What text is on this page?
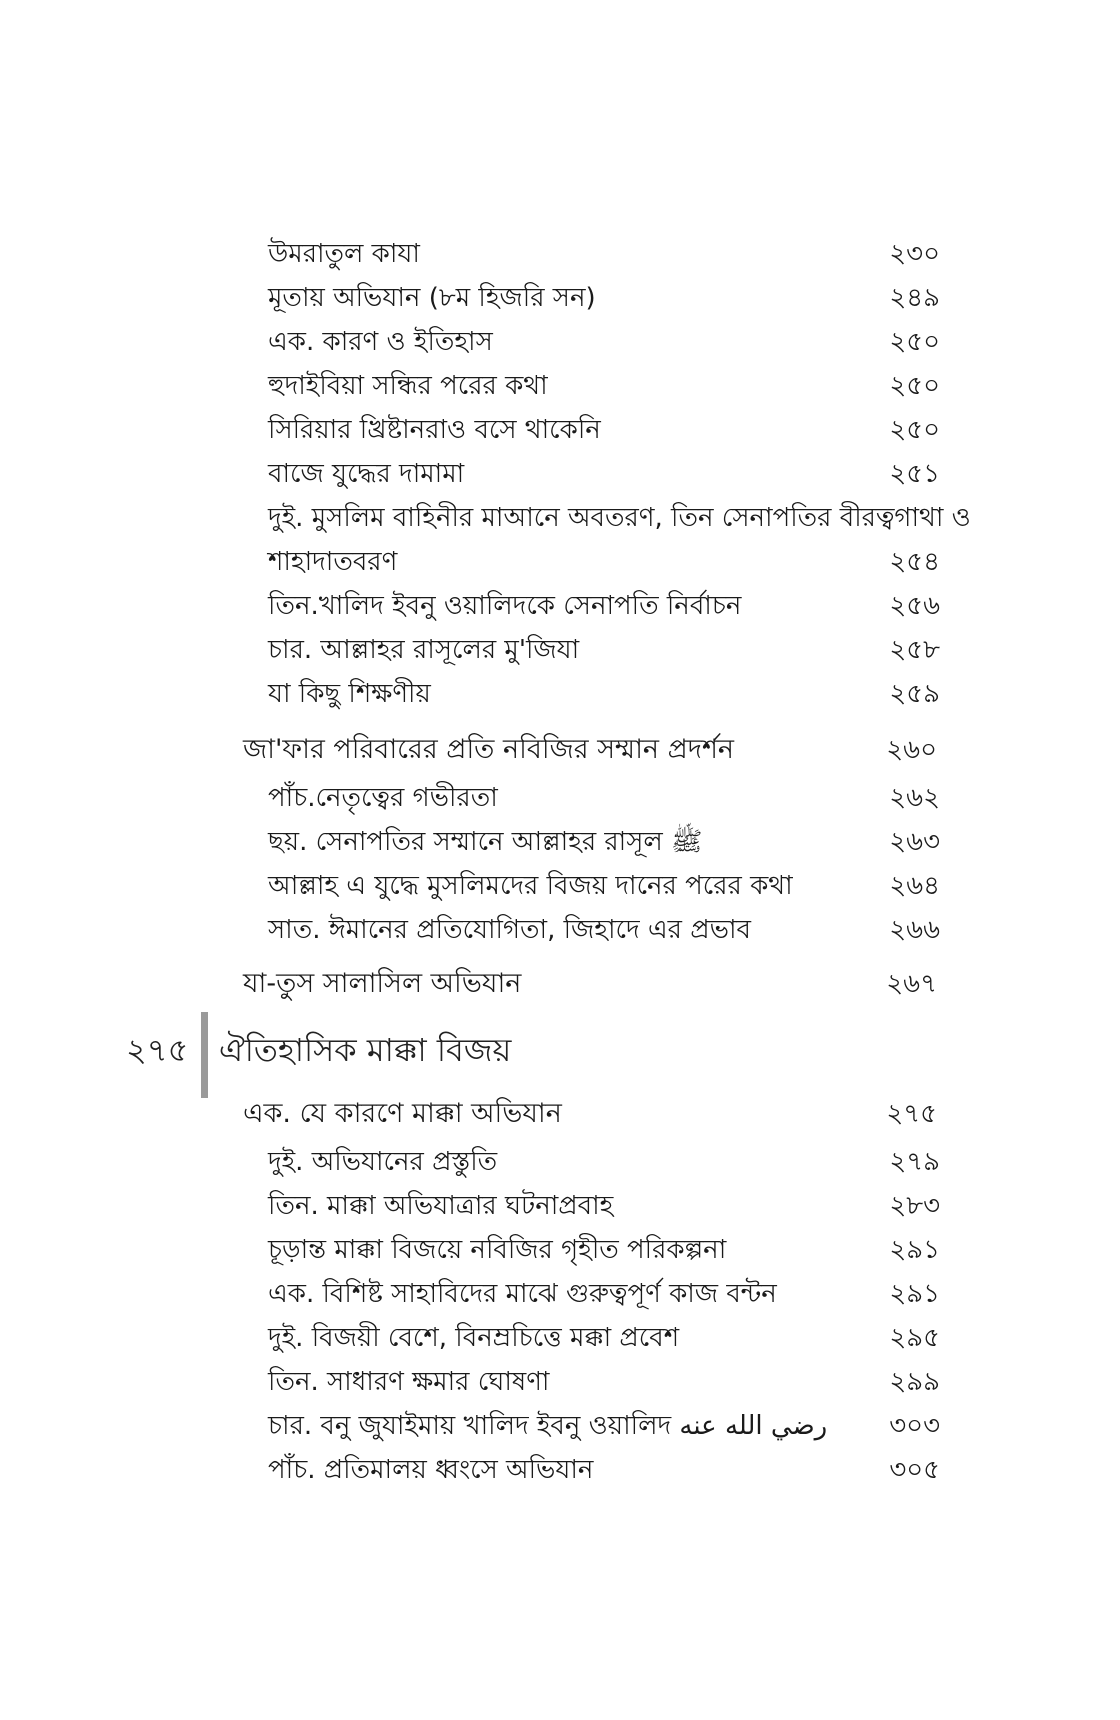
উমরাতুল কাযা	২৩০
মূতায় অভিযান (৮ম হিজরি সন)	২৪৯
এক. কারণ ও ইতিহাস	২৫০
হুদাইবিয়া সন্ধির পরের কথা	২৫০
সিরিয়ার খ্রিষ্টানরাও বসে থাকেনি	২৫০
বাজে যুদ্ধের দামামা	২৫১
দুই. মুসলিম বাহিনীর মাআনে অবতরণ, তিন সেনাপতির বীরত্বগাথা ও
শাহাদাতবরণ	২৫৪
তিন.খালিদ ইবনু ওয়ালিদকে সেনাপতি নির্বাচন	২৫৬
চার. আল্লাহর রাসূলের মু'জিযা	২৫৮
যা কিছু শিক্ষণীয়	২৫৯
জা'ফার পরিবারের প্রতি নবিজির সম্মান প্রদর্শন	২৬০
পাঁচ.নেতৃত্বের গভীরতা	২৬২
ছয়. সেনাপতির সম্মানে আল্লাহর রাসূল ﷺ	২৬৩
আল্লাহ এ যুদ্ধে মুসলিমদের বিজয় দানের পরের কথা	২৬৪
সাত. ঈমানের প্রতিযোগিতা, জিহাদে এর প্রভাব	২৬৬
যা-তুস সালাসিল অভিযান	২৬৭
২৭৫ ঐতিহাসিক মাক্কা বিজয়
এক. যে কারণে মাক্কা অভিযান	২৭৫
দুই. অভিযানের প্রস্তুতি	২৭৯
তিন. মাক্কা অভিযাত্রার ঘটনাপ্রবাহ	২৮৩
চূড়ান্ত মাক্কা বিজয়ে নবিজির গৃহীত পরিকল্পনা	২৯১
এক. বিশিষ্ট সাহাবিদের মাঝে গুরুত্বপূর্ণ কাজ বন্টন	২৯১
দুই. বিজয়ী বেশে, বিনম্রচিত্তে মক্কা প্রবেশ	২৯৫
তিন. সাধারণ ক্ষমার ঘোষণা	২৯৯
চার. বনু জুযাইমায় খালিদ ইবনু ওয়ালিদ رضي الله عنه ৩০৩
পাঁচ. প্রতিমালয় ধ্বংসে অভিযান	৩০৫
